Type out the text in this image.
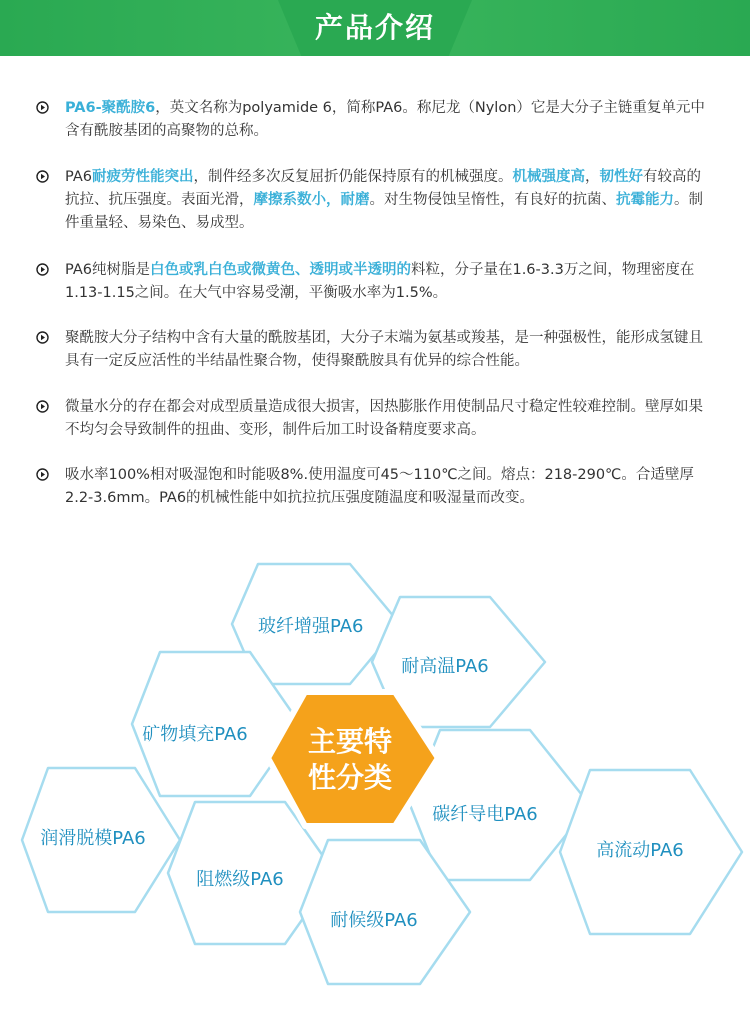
产品介绍
PA6-聚酰胺6，英文名称为polyamide 6，简称PA6。称尼龙（Nylon）它是大分子主链重复单元中含有酰胺基团的高聚物的总称。
PA6耐疲劳性能突出，制件经多次反复屈折仍能保持原有的机械强度。机械强度高，韧性好有较高的抗拉、抗压强度。表面光滑，摩擦系数小，耐磨。对生物侵蚀呈惰性，有良好的抗菌、抗霉能力。制件重量轻、易染色、易成型。
PA6纯树脂是白色或乳白色或微黄色、透明或半透明的料粒，分子量在1.6-3.3万之间，物理密度在1.13-1.15之间。在大气中容易受潮，平衡吸水率为1.5%。
聚酰胺大分子结构中含有大量的酰胺基团，大分子末端为氨基或羧基，是一种强极性，能形成氢键且具有一定反应活性的半结晶性聚合物，使得聚酰胺具有优异的综合性能。
微量水分的存在都会对成型质量造成很大损害，因热膨胀作用使制品尺寸稳定性较难控制。壁厚如果不均匀会导致制件的扭曲、变形，制件后加工时设备精度要求高。
吸水率100%相对吸湿饱和时能吸8%.使用温度可45～110℃之间。熔点：218-290℃。合适壁厚2.2-3.6mm。PA6的机械性能中如抗拉抗压强度随温度和吸湿量而改变。
玻纤增强PA6
耐高温PA6
矿物填充PA6
碳纤导电PA6
润滑脱模PA6
高流动PA6
阻燃级PA6
耐候级PA6
主要特
性分类
